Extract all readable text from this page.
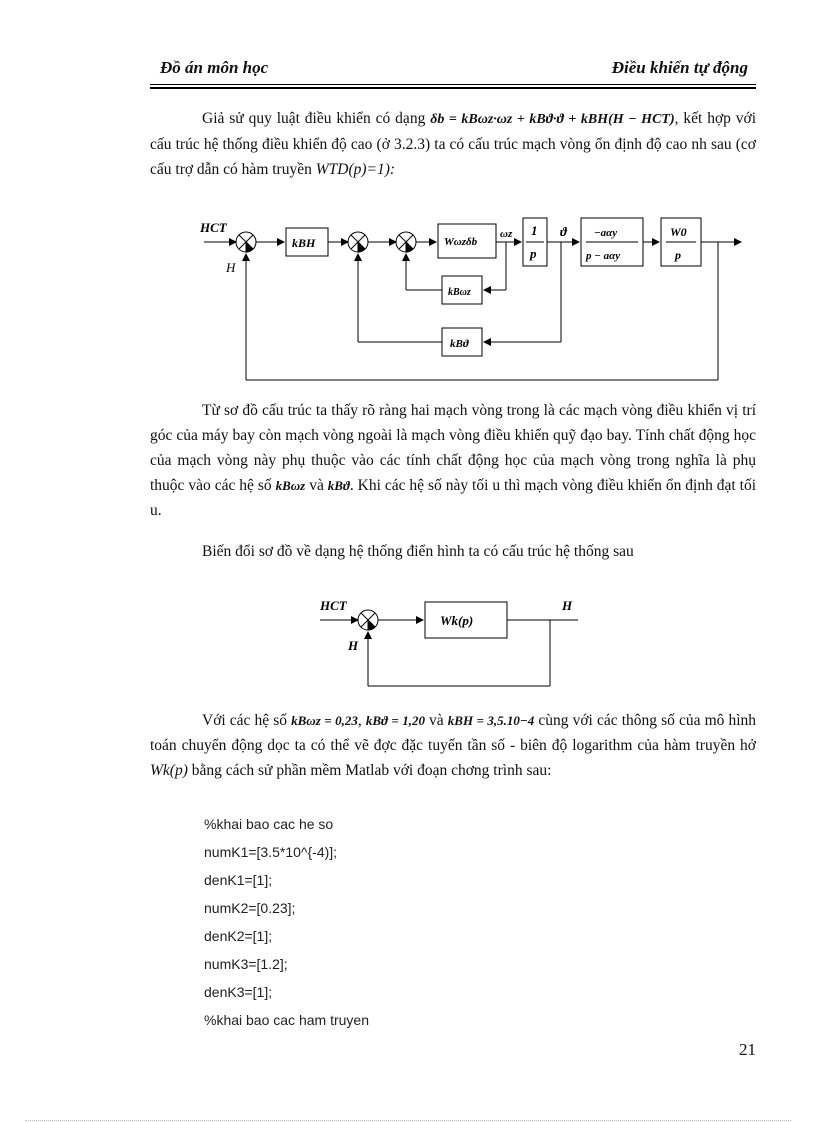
Đồ án môn học	Điều khiển tự động

Giả sử quy luật điều khiển có dạng δb = kBωz·ωz + kBϑ·ϑ + kBH(H − HCT), kết hợp với cấu trúc hệ thống điều khiển độ cao (ở 3.2.3) ta có cấu trúc mạch vòng ổn định độ cao nh sau (cơ cấu trợ dẫn có hàm truyền WTD(p)=1):

HCT
H
kBH	Wωzδb
ωz
kBωz
kBϑ
1
p
ϑ −aαy
p − aαy
W0
p

Từ sơ đồ cấu trúc ta thấy rõ ràng hai mạch vòng trong là các mạch vòng điều khiển vị trí góc của máy bay còn mạch vòng ngoài là mạch vòng điều khiển quỹ đạo bay. Tính chất động học của mạch vòng này phụ thuộc vào các tính chất động học của mạch vòng trong nghĩa là phụ thuộc vào các hệ số kBωz và kBϑ. Khi các hệ số này tối u thì mạch vòng điều khiển ổn định đạt tối u.

Biến đổi sơ đồ về dạng hệ thống điển hình ta có cấu trúc hệ thống sau

HCT	H
H
Wk(p)

Với các hệ số kBωz = 0,23, kBϑ = 1,20 và kBH = 3,5.10−4 cùng với các thông số của mô hình toán chuyển động dọc ta có thể vẽ đợc đặc tuyến tần số - biên độ logarithm của hàm truyền hở Wk(p) bằng cách sử phần mềm Matlab với đoạn chơng trình sau:

%khai bao cac he so
numK1=[3.5*10^{-4)];
denK1=[1];
numK2=[0.23];
denK2=[1];
numK3=[1.2];
denK3=[1];
%khai bao cac ham truyen
21
